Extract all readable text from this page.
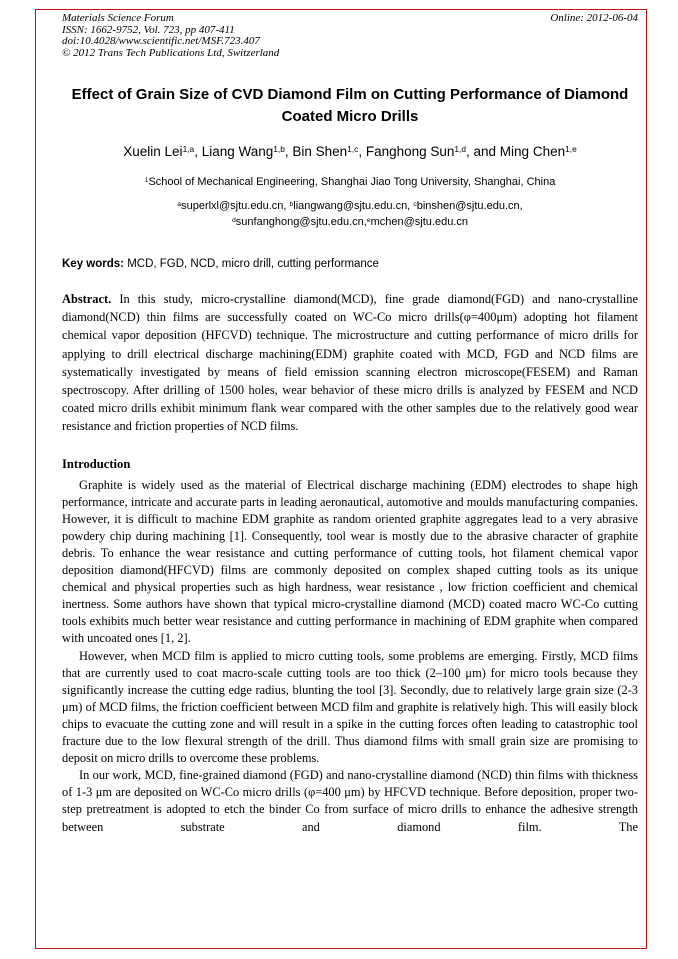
Materials Science Forum
ISSN: 1662-9752, Vol. 723, pp 407-411
doi:10.4028/www.scientific.net/MSF.723.407
© 2012 Trans Tech Publications Ltd, Switzerland
Online: 2012-06-04
Effect of Grain Size of CVD Diamond Film on Cutting Performance of Diamond Coated Micro Drills
Xuelin Lei$^{1,a}$, Liang Wang$^{1,b}$, Bin Shen$^{1,c}$, Fanghong Sun$^{1,d}$, and Ming Chen$^{1,e}$
$^1$School of Mechanical Engineering, Shanghai Jiao Tong University, Shanghai, China
$^a$superlxl@sjtu.edu.cn, $^b$liangwang@sjtu.edu.cn, $^c$binshen@sjtu.edu.cn,
$^d$sunfanghong@sjtu.edu.cn,$^e$mchen@sjtu.edu.cn
Key words: MCD, FGD, NCD, micro drill, cutting performance

Abstract. In this study, micro-crystalline diamond(MCD), fine grade diamond(FGD) and nano-crystalline diamond(NCD) thin films are successfully coated on WC-Co micro drills(φ=400μm) adopting hot filament chemical vapor deposition (HFCVD) technique. The microstructure and cutting performance of micro drills for applying to drill electrical discharge machining(EDM) graphite coated with MCD, FGD and NCD films are systematically investigated by means of field emission scanning electron microscope(FESEM) and Raman spectroscopy. After drilling of 1500 holes, wear behavior of these micro drills is analyzed by FESEM and NCD coated micro drills exhibit minimum flank wear compared with the other samples due to the relatively good wear resistance and friction properties of NCD films.

Introduction

Graphite is widely used as the material of Electrical discharge machining (EDM) electrodes to shape high performance, intricate and accurate parts in leading aeronautical, automotive and moulds manufacturing companies. However, it is difficult to machine EDM graphite as random oriented graphite aggregates lead to a very abrasive powdery chip during machining [1]. Consequently, tool wear is mostly due to the abrasive character of graphite debris. To enhance the wear resistance and cutting performance of cutting tools, hot filament chemical vapor deposition diamond(HFCVD) films are commonly deposited on complex shaped cutting tools as its unique chemical and physical properties such as high hardness, wear resistance , low friction coefficient and chemical inertness. Some authors have shown that typical micro-crystalline diamond (MCD) coated macro WC-Co cutting tools exhibits much better wear resistance and cutting performance in machining of EDM graphite when compared with uncoated ones [1, 2].

However, when MCD film is applied to micro cutting tools, some problems are emerging. Firstly, MCD films that are currently used to coat macro-scale cutting tools are too thick (2–100 μm) for micro tools because they significantly increase the cutting edge radius, blunting the tool [3]. Secondly, due to relatively large grain size (2-3 μm) of MCD films, the friction coefficient between MCD film and graphite is relatively high. This will easily block chips to evacuate the cutting zone and will result in a spike in the cutting forces often leading to catastrophic tool fracture due to the low flexural strength of the drill. Thus diamond films with small grain size are promising to deposit on micro drills to overcome these problems.

In our work, MCD, fine-grained diamond (FGD) and nano-crystalline diamond (NCD) thin films with thickness of 1-3 μm are deposited on WC-Co micro drills (φ=400 μm) by HFCVD technique. Before deposition, proper two-step pretreatment is adopted to etch the binder Co from surface of micro drills to enhance the adhesive strength between substrate and diamond film. The
